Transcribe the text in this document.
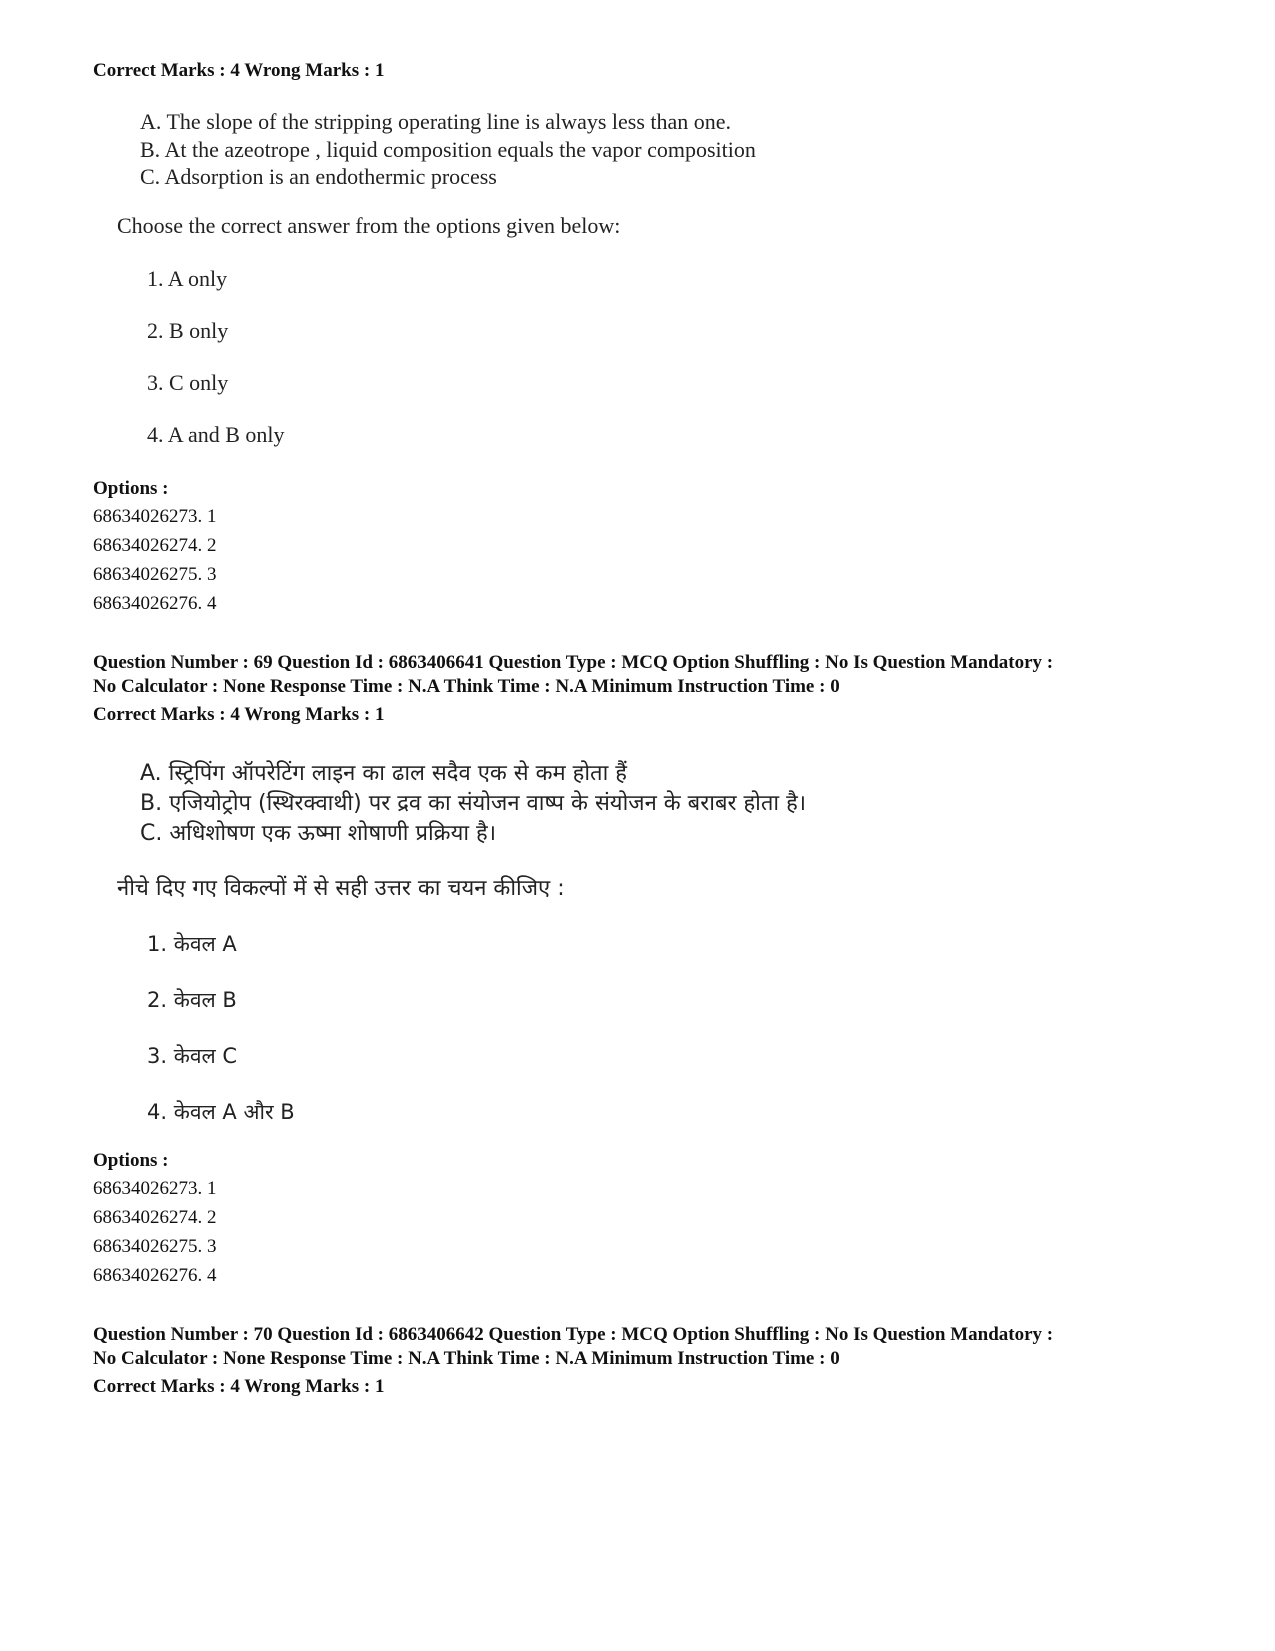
Correct Marks : 4 Wrong Marks : 1
A. The slope of the stripping operating line is always less than one.
B. At the azeotrope , liquid composition equals the vapor composition
C. Adsorption is an endothermic process
Choose the correct answer from the options given below:
1. A only
2. B only
3. C only
4. A and B only
Options :
68634026273. 1
68634026274. 2
68634026275. 3
68634026276. 4
Question Number : 69 Question Id : 6863406641 Question Type : MCQ Option Shuffling : No Is Question Mandatory :
No Calculator : None Response Time : N.A Think Time : N.A Minimum Instruction Time : 0
Correct Marks : 4 Wrong Marks : 1
A. स्ट्रिपिंग ऑपरेटिंग लाइन का ढाल सदैव एक से कम होता हैं
B. एजियोट्रोप (स्थिरक्वाथी) पर द्रव का संयोजन वाष्प के संयोजन के बराबर होता है।
C. अधिशोषण एक ऊष्मा शोषाणी प्रक्रिया है।
नीचे दिए गए विकल्पों में से सही उत्तर का चयन कीजिए :
1. केवल A
2. केवल B
3. केवल C
4. केवल A और B
Options :
68634026273. 1
68634026274. 2
68634026275. 3
68634026276. 4
Question Number : 70 Question Id : 6863406642 Question Type : MCQ Option Shuffling : No Is Question Mandatory :
No Calculator : None Response Time : N.A Think Time : N.A Minimum Instruction Time : 0
Correct Marks : 4 Wrong Marks : 1
